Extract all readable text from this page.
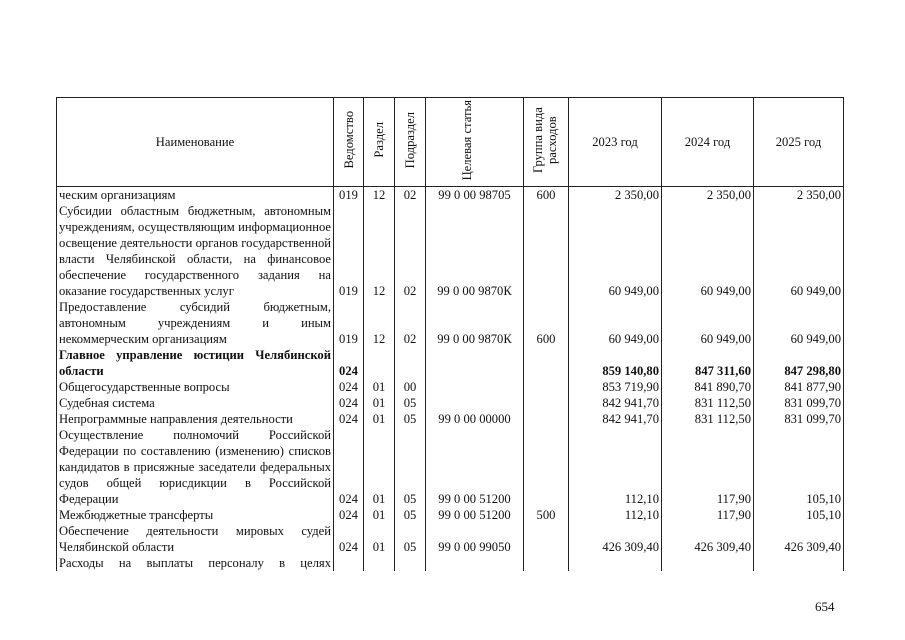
Наименование	Ведомство	Раздел	Подраздел	Целевая статья	Группа вида расходов	2023 год	2024 год	2025 год
ческим организациям	019	12	02	99 0 00 98705	600	2 350,00	2 350,00	2 350,00
Субсидии областным бюджетным, автономным учреждениям, осуществляющим информационное освещение деятельности органов государственной власти Челябинской области, на финансовое обеспечение государственного задания на оказание государственных услуг	019	12	02	99 0 00 9870К		60 949,00	60 949,00	60 949,00
Предоставление субсидий бюджетным, автономным учреждениям и иным некоммерческим организациям	019	12	02	99 0 00 9870К	600	60 949,00	60 949,00	60 949,00
Главное управление юстиции Челябинской области	024					859 140,80	847 311,60	847 298,80
Общегосударственные вопросы	024	01	00			853 719,90	841 890,70	841 877,90
Судебная система	024	01	05			842 941,70	831 112,50	831 099,70
Непрограммные направления деятельности	024	01	05	99 0 00 00000		842 941,70	831 112,50	831 099,70
Осуществление полномочий Российской Федерации по составлению (изменению) списков кандидатов в присяжные заседатели федеральных судов общей юрисдикции в Российской Федерации	024	01	05	99 0 00 51200		112,10	117,90	105,10
Межбюджетные трансферты	024	01	05	99 0 00 51200	500	112,10	117,90	105,10
Обеспечение деятельности мировых судей Челябинской области	024	01	05	99 0 00 99050		426 309,40	426 309,40	426 309,40
Расходы на выплаты персоналу в целях								
654
